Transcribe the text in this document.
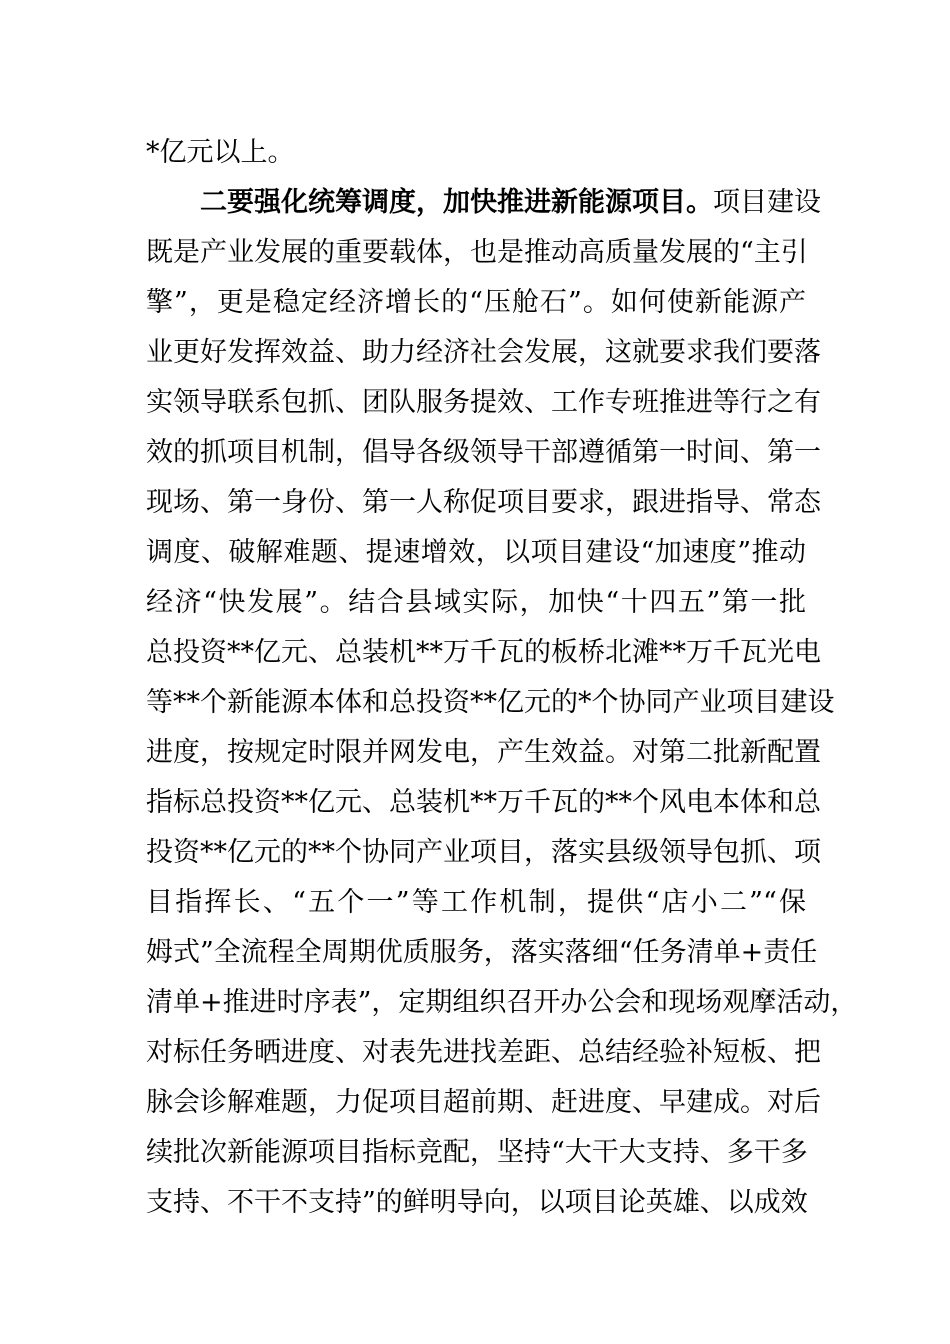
*亿元以上。
二要强化统筹调度，加快推进新能源项目。项目建设
既是产业发展的重要载体，也是推动高质量发展的“主引
擎”，更是稳定经济增长的“压舱石”。如何使新能源产
业更好发挥效益、助力经济社会发展，这就要求我们要落
实领导联系包抓、团队服务提效、工作专班推进等行之有
效的抓项目机制，倡导各级领导干部遵循第一时间、第一
现场、第一身份、第一人称促项目要求，跟进指导、常态
调度、破解难题、提速增效，以项目建设“加速度”推动
经济“快发展”。结合县域实际，加快“十四五”第一批
总投资**亿元、总装机**万千瓦的板桥北滩**万千瓦光电
等**个新能源本体和总投资**亿元的*个协同产业项目建设
进度，按规定时限并网发电，产生效益。对第二批新配置
指标总投资**亿元、总装机**万千瓦的**个风电本体和总
投资**亿元的**个协同产业项目，落实县级领导包抓、项
目指挥长、“五个一”等工作机制，提供“店小二”“保
姆式”全流程全周期优质服务，落实落细“任务清单+责任
清单+推进时序表”，定期组织召开办公会和现场观摩活动，
对标任务晒进度、对表先进找差距、总结经验补短板、把
脉会诊解难题，力促项目超前期、赶进度、早建成。对后
续批次新能源项目指标竞配，坚持“大干大支持、多干多
支持、不干不支持”的鲜明导向，以项目论英雄、以成效
